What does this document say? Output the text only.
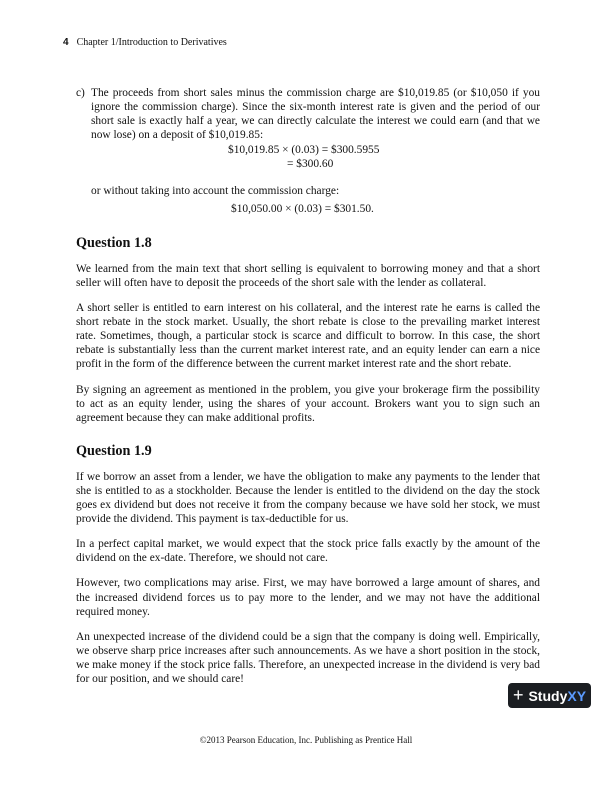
4 Chapter 1/Introduction to Derivatives
c) The proceeds from short sales minus the commission charge are $10,019.85 (or $10,050 if you ignore the commission charge). Since the six-month interest rate is given and the period of our short sale is exactly half a year, we can directly calculate the interest we could earn (and that we now lose) on a deposit of $10,019.85:

$10,019.85 × (0.03) = $300.5955

= $300.60

or without taking into account the commission charge:

$10,050.00 × (0.03) = $301.50.

Question 1.8

We learned from the main text that short selling is equivalent to borrowing money and that a short seller will often have to deposit the proceeds of the short sale with the lender as collateral.

A short seller is entitled to earn interest on his collateral, and the interest rate he earns is called the short rebate in the stock market. Usually, the short rebate is close to the prevailing market interest rate. Sometimes, though, a particular stock is scarce and difficult to borrow. In this case, the short rebate is substantially less than the current market interest rate, and an equity lender can earn a nice profit in the form of the difference between the current market interest rate and the short rebate.

By signing an agreement as mentioned in the problem, you give your brokerage firm the possibility to act as an equity lender, using the shares of your account. Brokers want you to sign such an agreement because they can make additional profits.

Question 1.9

If we borrow an asset from a lender, we have the obligation to make any payments to the lender that she is entitled to as a stockholder. Because the lender is entitled to the dividend on the day the stock goes ex dividend but does not receive it from the company because we have sold her stock, we must provide the dividend. This payment is tax-deductible for us.

In a perfect capital market, we would expect that the stock price falls exactly by the amount of the dividend on the ex-date. Therefore, we should not care.

However, two complications may arise. First, we may have borrowed a large amount of shares, and the increased dividend forces us to pay more to the lender, and we may not have the additional required money.

An unexpected increase of the dividend could be a sign that the company is doing well. Empirically, we observe sharp price increases after such announcements. As we have a short position in the stock, we make money if the stock price falls. Therefore, an unexpected increase in the dividend is very bad for our position, and we should care!

©2013 Pearson Education, Inc. Publishing as Prentice Hall
+ Study XY
